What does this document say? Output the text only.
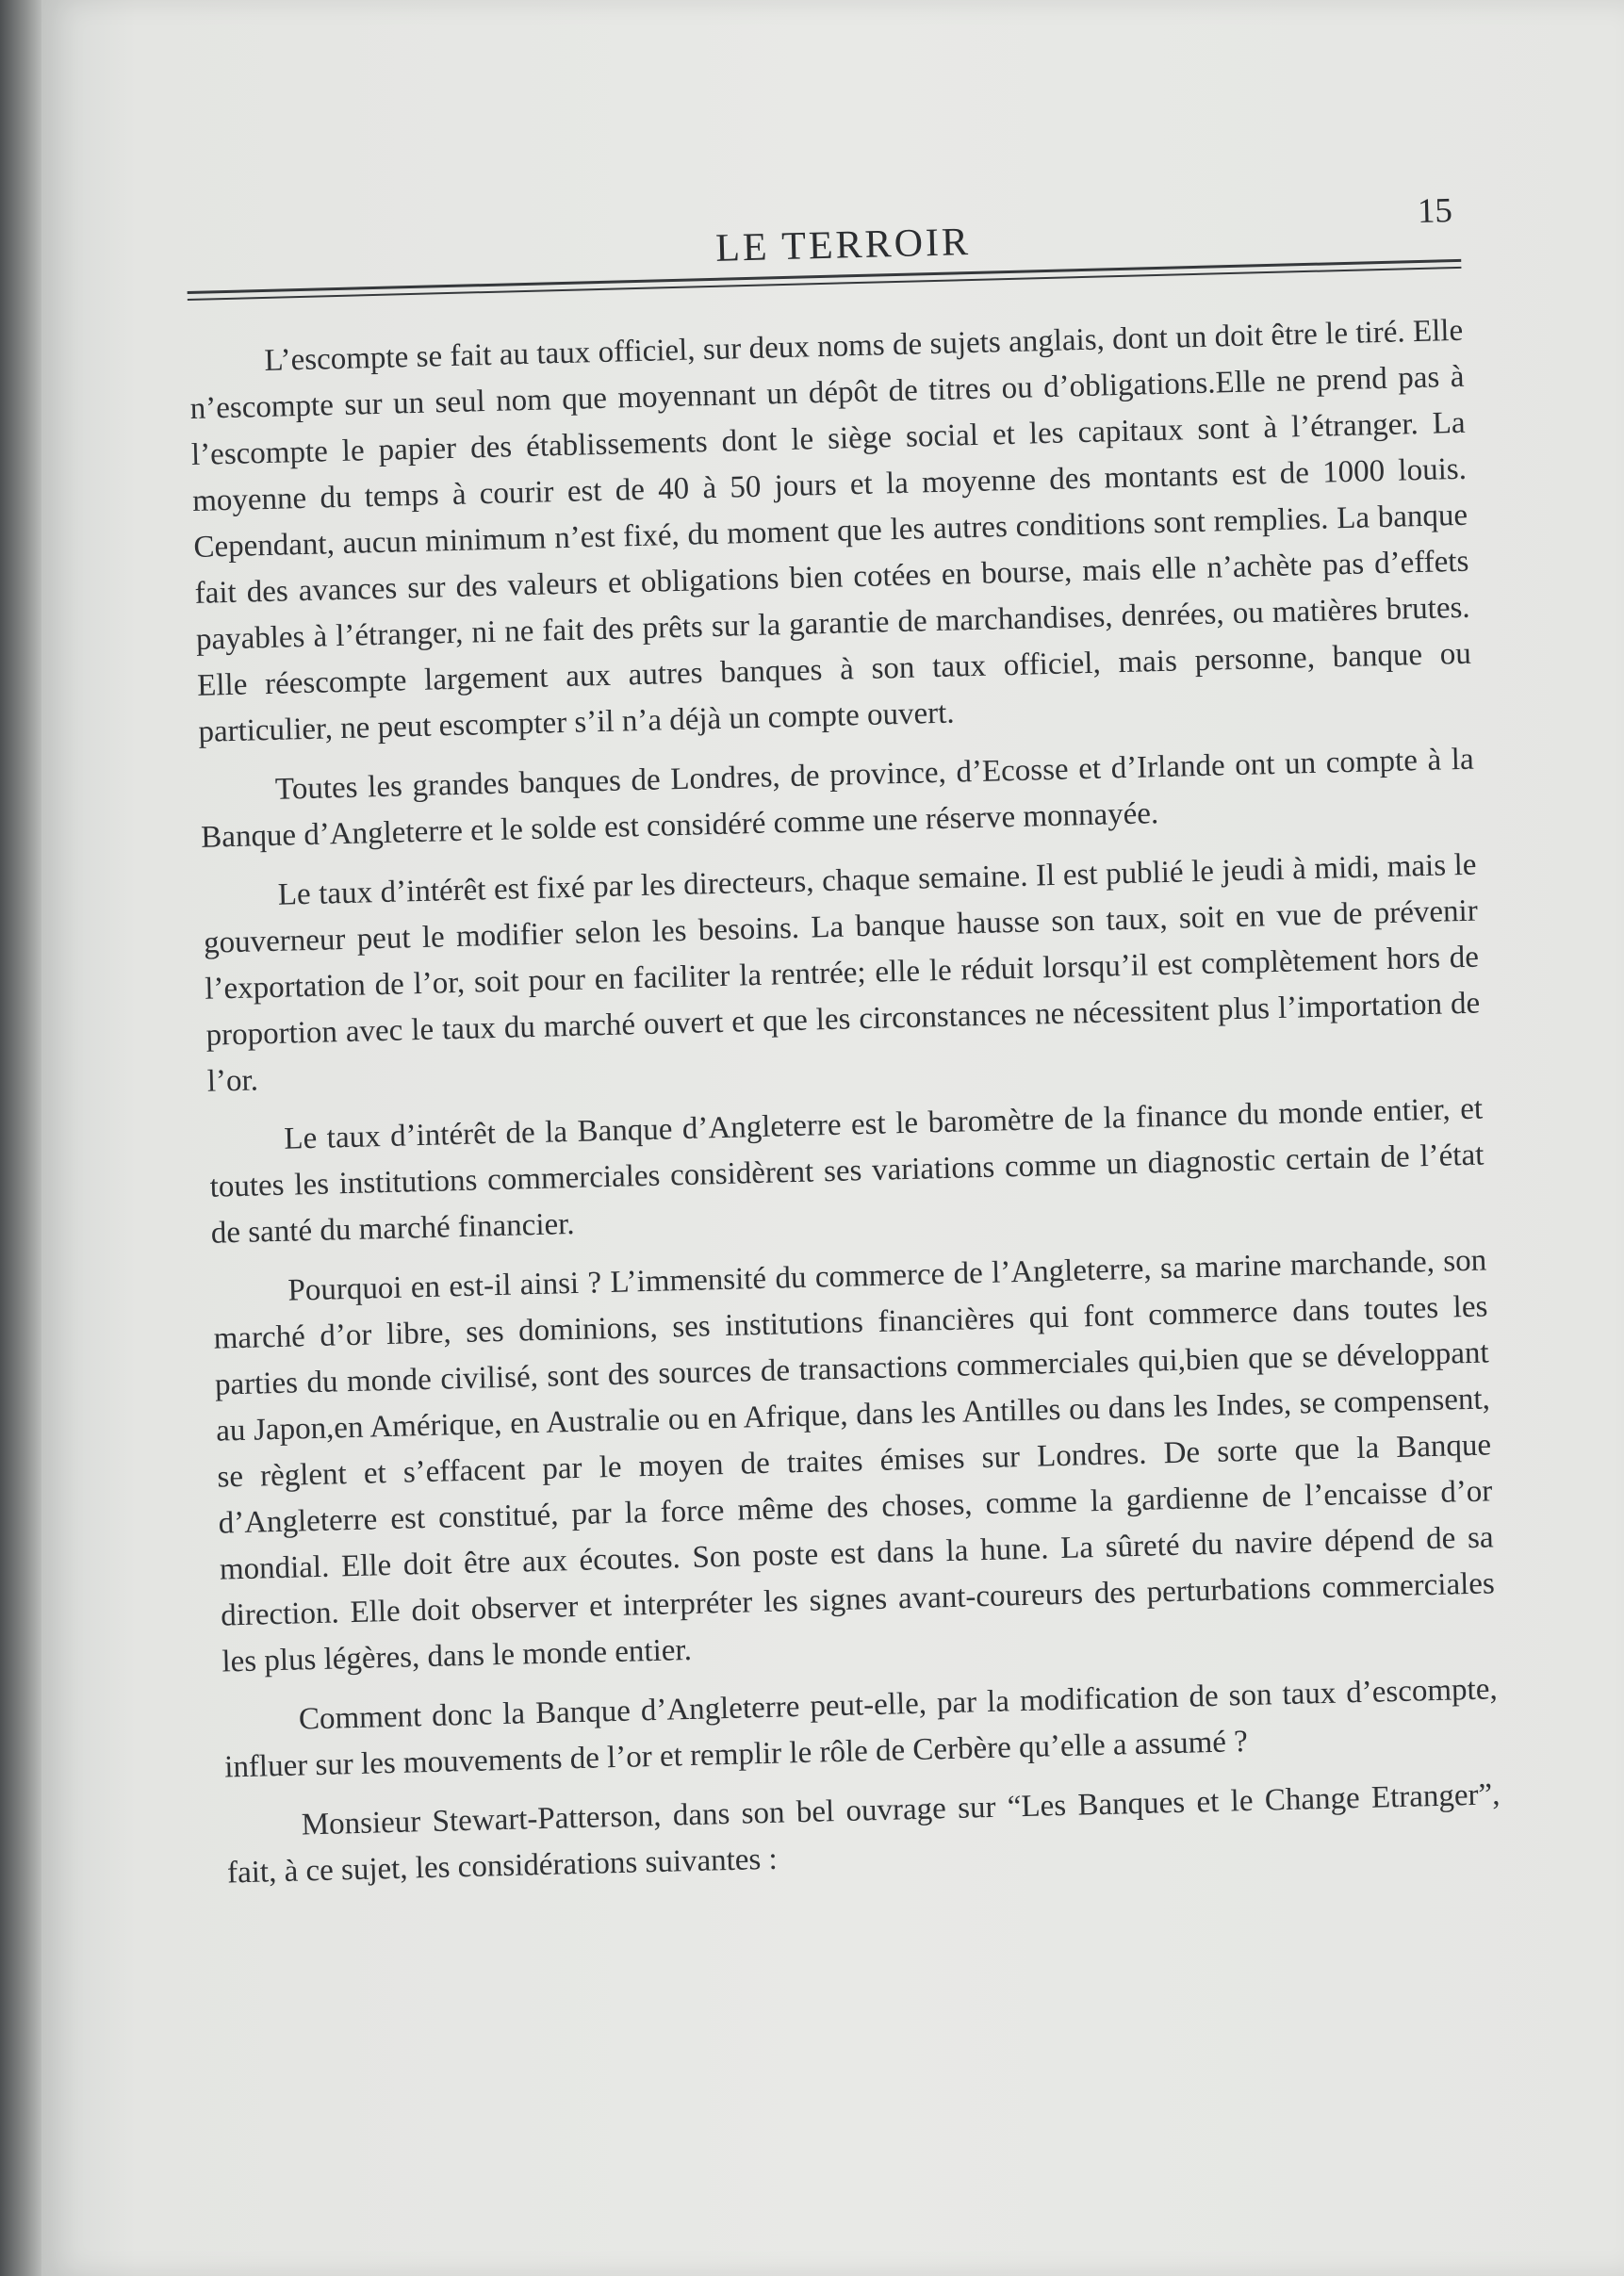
LE TERROIR
15

L’escompte se fait au taux officiel, sur deux noms de sujets anglais, dont un doit être le tiré. Elle n’escompte sur un seul nom que moyennant un dépôt de titres ou d’obligations.Elle ne prend pas à l’escompte le papier des établissements dont le siège social et les capitaux sont à l’étranger. La moyenne du temps à courir est de 40 à 50 jours et la moyenne des montants est de 1000 louis. Cependant, aucun minimum n’est fixé, du moment que les autres conditions sont remplies. La banque fait des avances sur des valeurs et obligations bien cotées en bourse, mais elle n’achète pas d’effets payables à l’étranger, ni ne fait des prêts sur la garantie de marchandises, denrées, ou matières brutes. Elle réescompte largement aux autres banques à son taux officiel, mais personne, banque ou particulier, ne peut escompter s’il n’a déjà un compte ouvert.

Toutes les grandes banques de Londres, de province, d’Ecosse et d’Irlande ont un compte à la Banque d’Angleterre et le solde est considéré comme une réserve monnayée.

Le taux d’intérêt est fixé par les directeurs, chaque semaine. Il est publié le jeudi à midi, mais le gouverneur peut le modifier selon les besoins. La banque hausse son taux, soit en vue de prévenir l’exportation de l’or, soit pour en faciliter la rentrée; elle le réduit lorsqu’il est complètement hors de proportion avec le taux du marché ouvert et que les circonstances ne nécessitent plus l’importation de l’or.

Le taux d’intérêt de la Banque d’Angleterre est le baromètre de la finance du monde entier, et toutes les institutions commerciales considèrent ses variations comme un diagnostic certain de l’état de santé du marché financier.

Pourquoi en est-il ainsi ? L’immensité du commerce de l’Angleterre, sa marine marchande, son marché d’or libre, ses dominions, ses institutions financières qui font commerce dans toutes les parties du monde civilisé, sont des sources de transactions commerciales qui,bien que se développant au Japon,en Amérique, en Australie ou en Afrique, dans les Antilles ou dans les Indes, se compensent, se règlent et s’effacent par le moyen de traites émises sur Londres. De sorte que la Banque d’Angleterre est constitué, par la force même des choses, comme la gardienne de l’encaisse d’or mondial. Elle doit être aux écoutes. Son poste est dans la hune. La sûreté du navire dépend de sa direction. Elle doit observer et interpréter les signes avant-coureurs des perturbations commerciales les plus légères, dans le monde entier.

Comment donc la Banque d’Angleterre peut-elle, par la modification de son taux d’escompte, influer sur les mouvements de l’or et remplir le rôle de Cerbère qu’elle a assumé ?

Monsieur Stewart-Patterson, dans son bel ouvrage sur “Les Banques et le Change Etranger”, fait, à ce sujet, les considérations suivantes :
